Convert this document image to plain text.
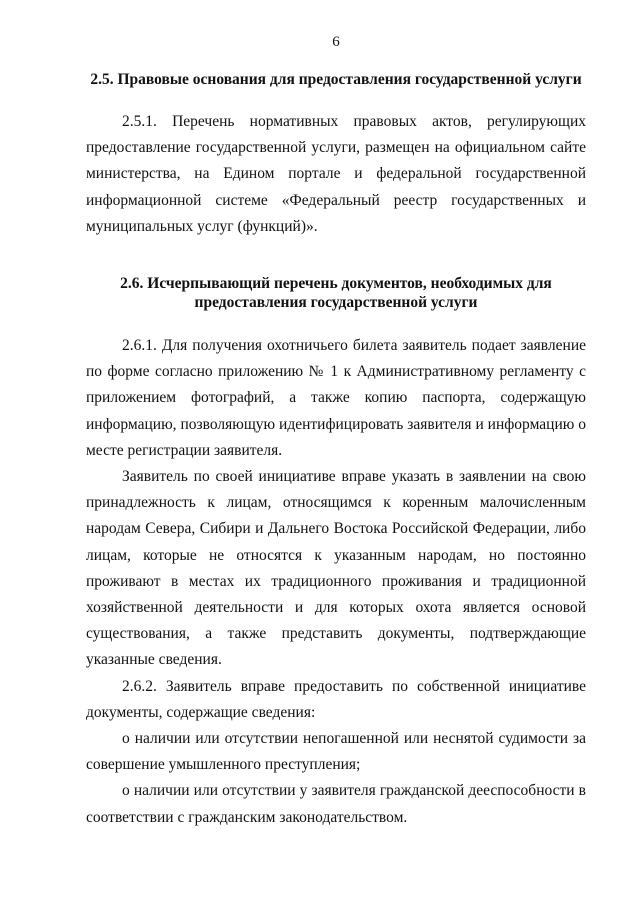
6
2.5. Правовые основания для предоставления государственной услуги

2.5.1. Перечень нормативных правовых актов, регулирующих предоставление государственной услуги, размещен на официальном сайте министерства, на Едином портале и федеральной государственной информационной системе «Федеральный реестр государственных и муниципальных услуг (функций)».

2.6. Исчерпывающий перечень документов, необходимых для
предоставления государственной услуги

2.6.1. Для получения охотничьего билета заявитель подает заявление по форме согласно приложению № 1 к Административному регламенту с приложением фотографий, а также копию паспорта, содержащую информацию, позволяющую идентифицировать заявителя и информацию о месте регистрации заявителя.

Заявитель по своей инициативе вправе указать в заявлении на свою принадлежность к лицам, относящимся к коренным малочисленным народам Севера, Сибири и Дальнего Востока Российской Федерации, либо лицам, которые не относятся к указанным народам, но постоянно проживают в местах их традиционного проживания и традиционной хозяйственной деятельности и для которых охота является основой существования, а также представить документы, подтверждающие указанные сведения.

2.6.2. Заявитель вправе предоставить по собственной инициативе документы, содержащие сведения:

о наличии или отсутствии непогашенной или неснятой судимости за совершение умышленного преступления;

о наличии или отсутствии у заявителя гражданской дееспособности в соответствии с гражданским законодательством.
